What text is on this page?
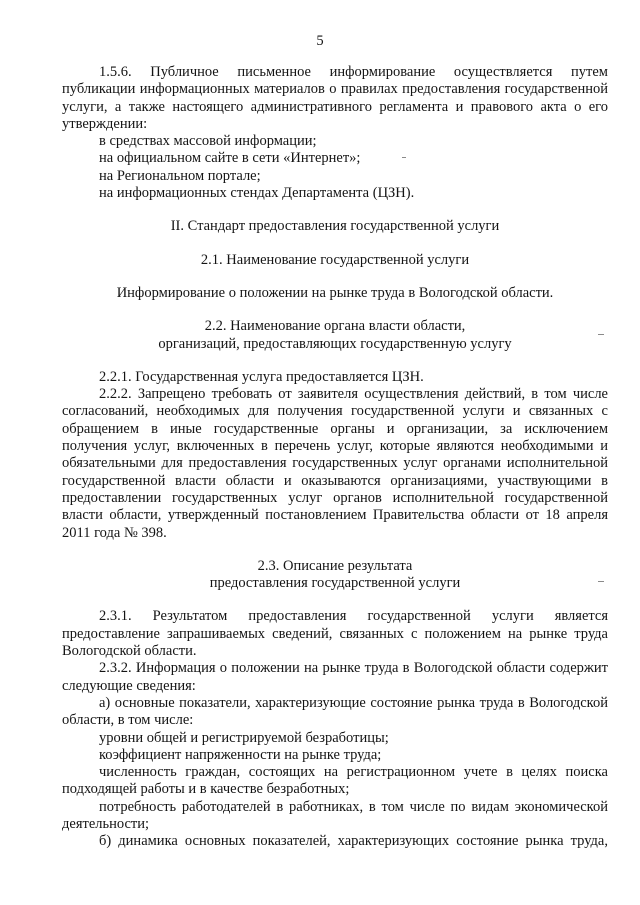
5

1.5.6. Публичное письменное информирование осуществляется путем публикации информационных материалов о правилах предоставления государственной услуги, а также настоящего административного регламента и правового акта о его утверждении:

в средствах массовой информации;

на официальном сайте в сети «Интернет»;

на Региональном портале;

на информационных стендах Департамента (ЦЗН).

II. Стандарт предоставления государственной услуги

2.1. Наименование государственной услуги

Информирование о положении на рынке труда в Вологодской области.

2.2. Наименование органа власти области,

организаций, предоставляющих государственную услугу

2.2.1. Государственная услуга предоставляется ЦЗН.

2.2.2. Запрещено требовать от заявителя осуществления действий, в том числе согласований, необходимых для получения государственной услуги и связанных с обращением в иные государственные органы и организации, за исключением получения услуг, включенных в перечень услуг, которые являются необходимыми и обязательными для предоставления государственных услуг органами исполнительной государственной власти области и оказываются организациями, участвующими в предоставлении государственных услуг органов исполнительной государственной власти области, утвержденный постановлением Правительства области от 18 апреля 2011 года № 398.

2.3. Описание результата

предоставления государственной услуги

2.3.1. Результатом предоставления государственной услуги является предоставление запрашиваемых сведений, связанных с положением на рынке труда Вологодской области.

2.3.2. Информация о положении на рынке труда в Вологодской области содержит следующие сведения:

а) основные показатели, характеризующие состояние рынка труда в Вологодской области, в том числе:

уровни общей и регистрируемой безработицы;

коэффициент напряженности на рынке труда;

численность граждан, состоящих на регистрационном учете в целях поиска подходящей работы и в качестве безработных;

потребность работодателей в работниках, в том числе по видам экономической деятельности;

б) динамика основных показателей, характеризующих состояние рынка труда,
